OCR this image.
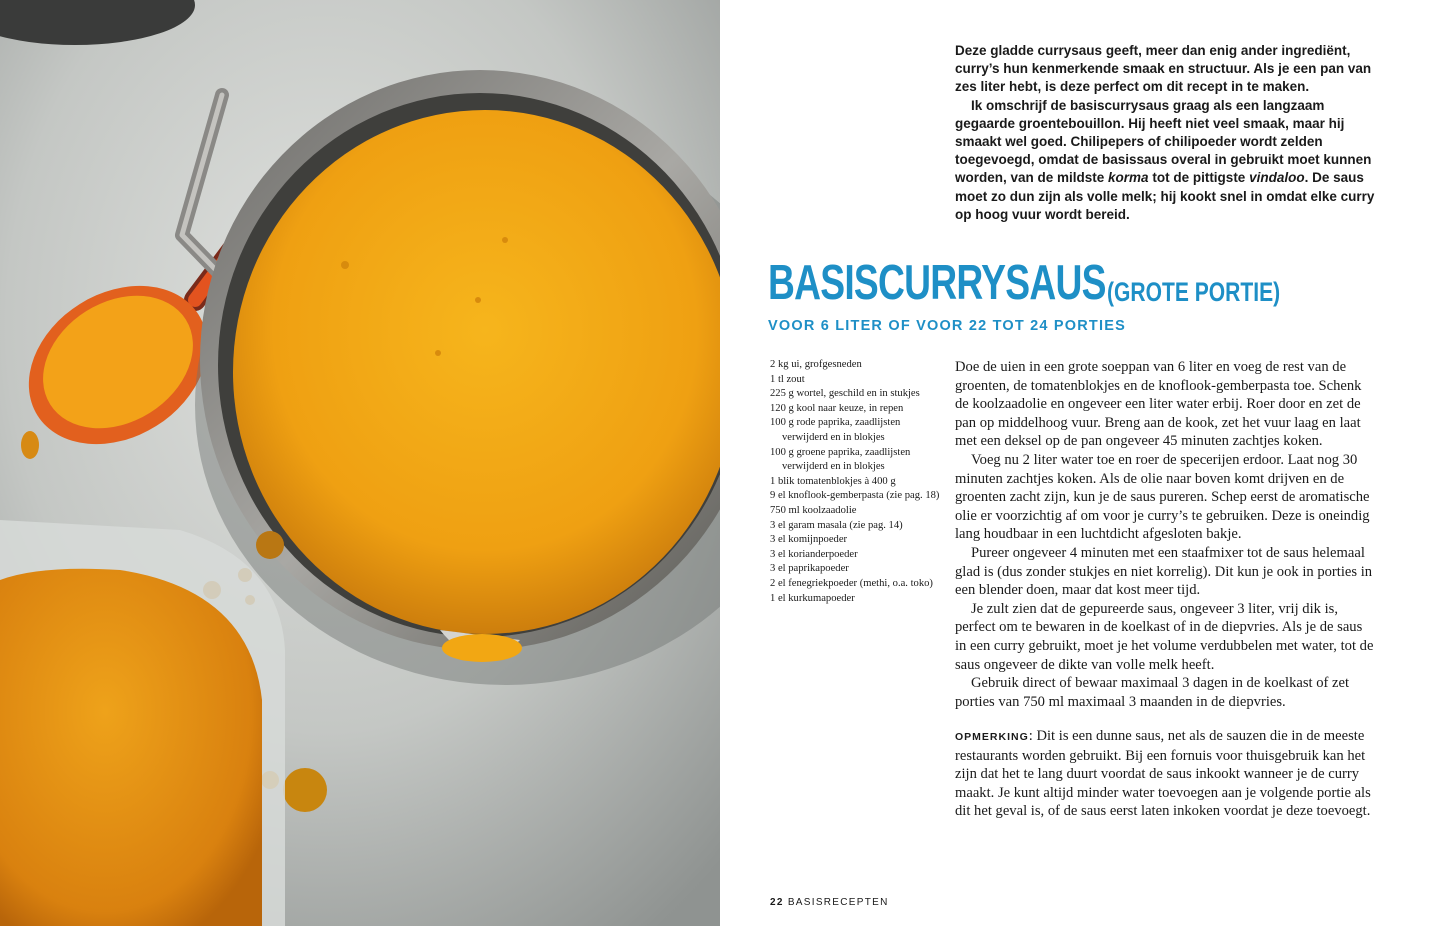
Deze gladde currysaus geeft, meer dan enig ander ingrediënt, curry’s hun kenmerkende smaak en structuur. Als je een pan van zes liter hebt, is deze perfect om dit recept in te maken.

Ik omschrijf de basiscurrysaus graag als een langzaam gegaarde groentebouillon. Hij heeft niet veel smaak, maar hij smaakt wel goed. Chilipepers of chilipoeder wordt zelden toegevoegd, omdat de basissaus overal in gebruikt moet kunnen worden, van de mildste korma tot de pittigste vindaloo. De saus moet zo dun zijn als volle melk; hij kookt snel in omdat elke curry op hoog vuur wordt bereid.

BASISCURRYSAUS (GROTE PORTIE)
VOOR 6 LITER OF VOOR 22 TOT 24 PORTIES
2 kg ui, grofgesneden
1 tl zout
225 g wortel, geschild en in stukjes
120 g kool naar keuze, in repen
100 g rode paprika, zaadlijsten verwijderd en in blokjes
100 g groene paprika, zaadlijsten verwijderd en in blokjes
1 blik tomatenblokjes à 400 g
9 el knoflook-gemberpasta (zie pag. 18)
750 ml koolzaadolie
3 el garam masala (zie pag. 14)
3 el komijnpoeder
3 el korianderpoeder
3 el paprikapoeder
2 el fenegriekpoeder (methi, o.a. toko)
1 el kurkumapoeder

Doe de uien in een grote soeppan van 6 liter en voeg de rest van de groenten, de tomatenblokjes en de knoflook-gemberpasta toe. Schenk de koolzaadolie en ongeveer een liter water erbij. Roer door en zet de pan op middelhoog vuur. Breng aan de kook, zet het vuur laag en laat met een deksel op de pan ongeveer 45 minuten zachtjes koken.

Voeg nu 2 liter water toe en roer de specerijen erdoor. Laat nog 30 minuten zachtjes koken. Als de olie naar boven komt drijven en de groenten zacht zijn, kun je de saus pureren. Schep eerst de aromatische olie er voorzichtig af om voor je curry’s te gebruiken. Deze is oneindig lang houdbaar in een luchtdicht afgesloten bakje.

Pureer ongeveer 4 minuten met een staafmixer tot de saus helemaal glad is (dus zonder stukjes en niet korrelig). Dit kun je ook in porties in een blender doen, maar dat kost meer tijd.

Je zult zien dat de gepureerde saus, ongeveer 3 liter, vrij dik is, perfect om te bewaren in de koelkast of in de diepvries. Als je de saus in een curry gebruikt, moet je het volume verdubbelen met water, tot de saus ongeveer de dikte van volle melk heeft.

Gebruik direct of bewaar maximaal 3 dagen in de koelkast of zet porties van 750 ml maximaal 3 maanden in de diepvries.

OPMERKING: Dit is een dunne saus, net als de sauzen die in de meeste restaurants worden gebruikt. Bij een fornuis voor thuisgebruik kan het zijn dat het te lang duurt voordat de saus inkookt wanneer je de curry maakt. Je kunt altijd minder water toevoegen aan je volgende portie als dit het geval is, of de saus eerst laten inkoken voordat je deze toevoegt.

22 BASISRECEPTEN
